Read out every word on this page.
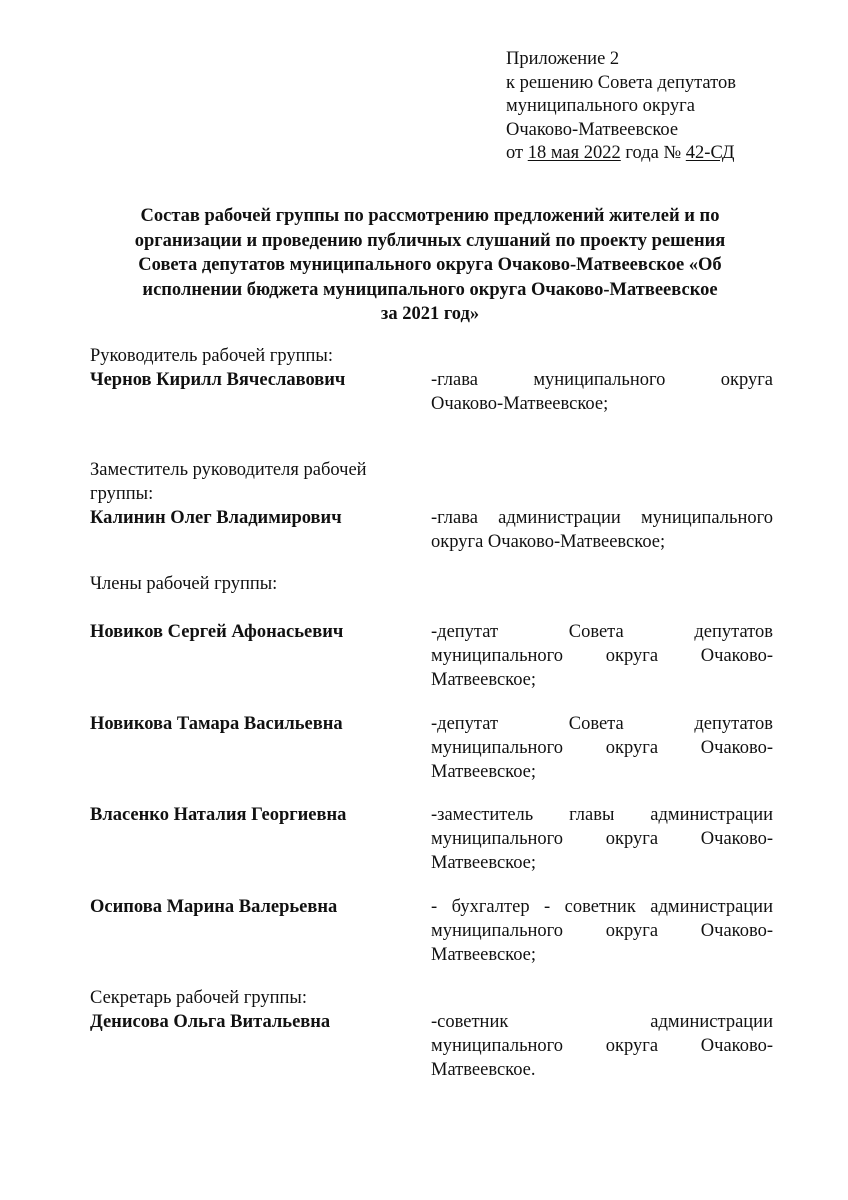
Приложение 2
к решению Совета депутатов
муниципального округа
Очаково-Матвеевское
от 18 мая 2022 года № 42-СД
Состав рабочей группы по рассмотрению предложений жителей и по
организации и проведению публичных слушаний по проекту решения
Совета депутатов муниципального округа Очаково-Матвеевское «Об
исполнении бюджета муниципального округа Очаково-Матвеевское
за 2021 год»
Руководитель рабочей группы:
Чернов Кирилл Вячеславович	-глава муниципального округа
Очаково-Матвеевское;
Заместитель руководителя рабочей
группы:
Калинин Олег Владимирович	-глава администрации муниципального
округа Очаково-Матвеевское;
Члены рабочей группы:
Новиков Сергей Афонасьевич	-депутат Совета депутатов
муниципального округа Очаково-
Матвеевское;
Новикова Тамара Васильевна	-депутат Совета депутатов
муниципального округа Очаково-
Матвеевское;
Власенко Наталия Георгиевна	-заместитель главы администрации
муниципального округа Очаково-
Матвеевское;
Осипова Марина Валерьевна	- бухгалтер - советник администрации
муниципального округа Очаково-
Матвеевское;
Секретарь рабочей группы:
Денисова Ольга Витальевна	-советник администрации
муниципального округа Очаково-
Матвеевское.
